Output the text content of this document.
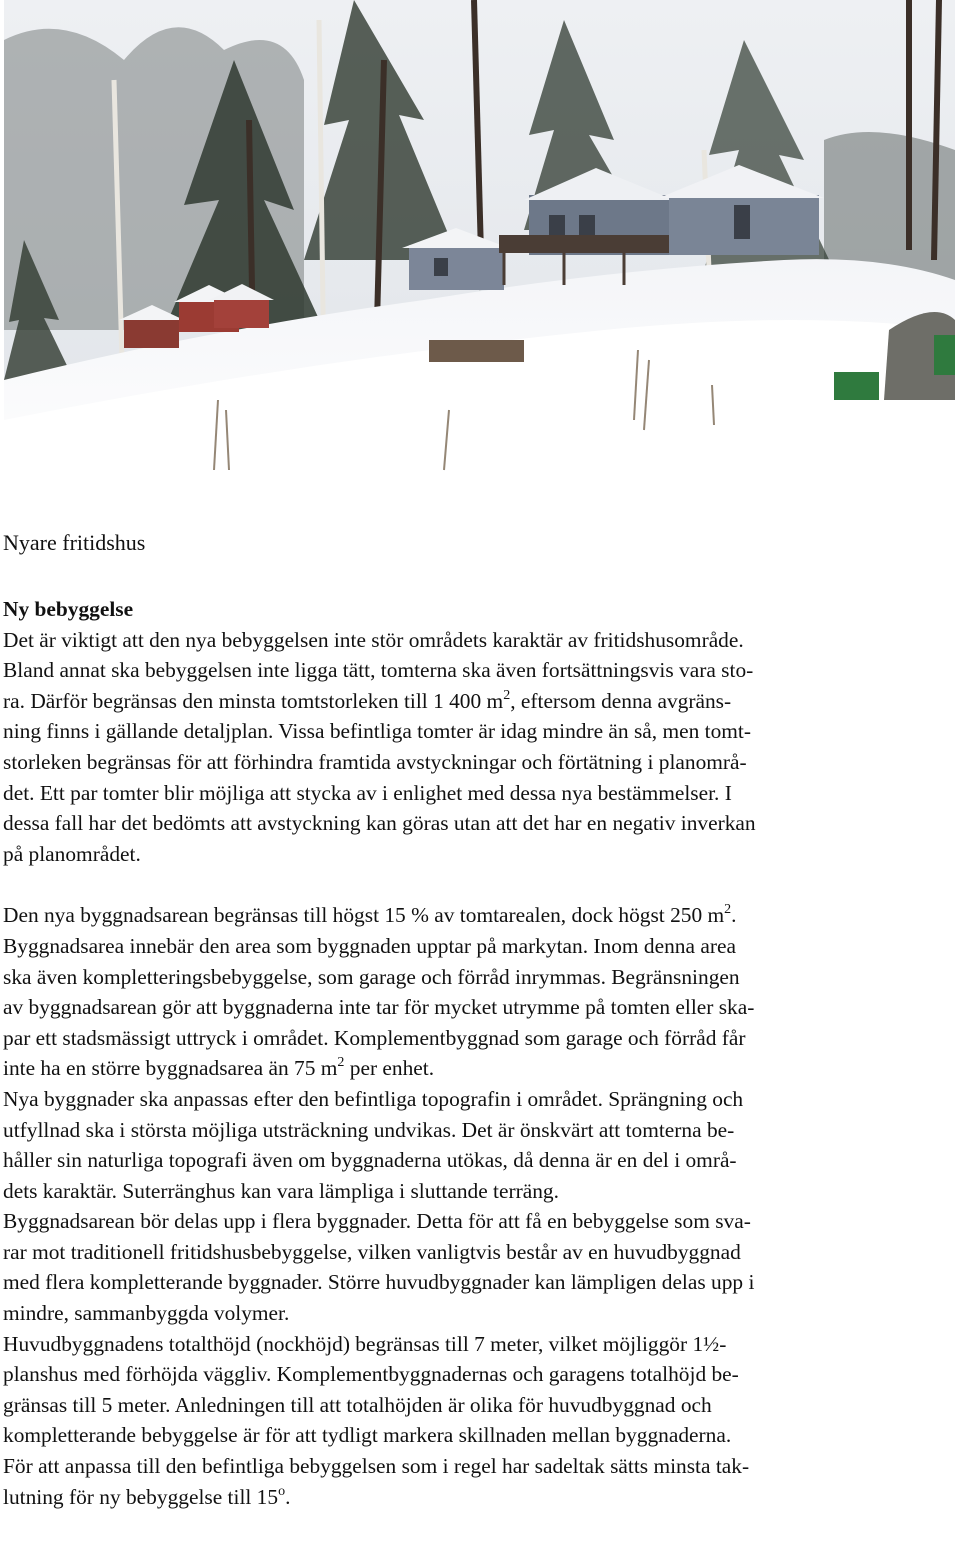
Nyare fritidshus

Ny bebyggelse

Det är viktigt att den nya bebyggelsen inte stör områdets karaktär av fritidshusområde.
Bland annat ska bebyggelsen inte ligga tätt, tomterna ska även fortsättningsvis vara sto-
ra. Därför begränsas den minsta tomtstorleken till 1 400 $m^2$, eftersom denna avgräns-
ning finns i gällande detaljplan. Vissa befintliga tomter är idag mindre än så, men tomt-
storleken begränsas för att förhindra framtida avstyckningar och förtätning i planområ-
det. Ett par tomter blir möjliga att stycka av i enlighet med dessa nya bestämmelser. I
dessa fall har det bedömts att avstyckning kan göras utan att det har en negativ inverkan
på planområdet.

Den nya byggnadsarean begränsas till högst 15 % av tomtarealen, dock högst 250 $m^2$.
Byggnadsarea innebär den area som byggnaden upptar på markytan. Inom denna area
ska även kompletteringsbebyggelse, som garage och förråd inrymmas. Begränsningen
av byggnadsarean gör att byggnaderna inte tar för mycket utrymme på tomten eller ska-
par ett stadsmässigt uttryck i området. Komplementbyggnad som garage och förråd får
inte ha en större byggnadsarea än 75 $m^2$ per enhet.

Nya byggnader ska anpassas efter den befintliga topografin i området. Sprängning och
utfyllnad ska i största möjliga utsträckning undvikas. Det är önskvärt att tomterna be-
håller sin naturliga topografi även om byggnaderna utökas, då denna är en del i områ-
dets karaktär. Suterränghus kan vara lämpliga i sluttande terräng.

Byggnadsarean bör delas upp i flera byggnader. Detta för att få en bebyggelse som sva-
rar mot traditionell fritidshusbebyggelse, vilken vanligtvis består av en huvudbyggnad
med flera kompletterande byggnader. Större huvudbyggnader kan lämpligen delas upp i
mindre, sammanbyggda volymer.

Huvudbyggnadens totalthöjd (nockhöjd) begränsas till 7 meter, vilket möjliggör 1½-
planshus med förhöjda väggliv. Komplementbyggnadernas och garagens totalhöjd be-
gränsas till 5 meter. Anledningen till att totalhöjden är olika för huvudbyggnad och
kompletterande bebyggelse är för att tydligt markera skillnaden mellan byggnaderna.
För att anpassa till den befintliga bebyggelsen som i regel har sadeltak sätts minsta tak-
lutning för ny bebyggelse till 15$^o$.
